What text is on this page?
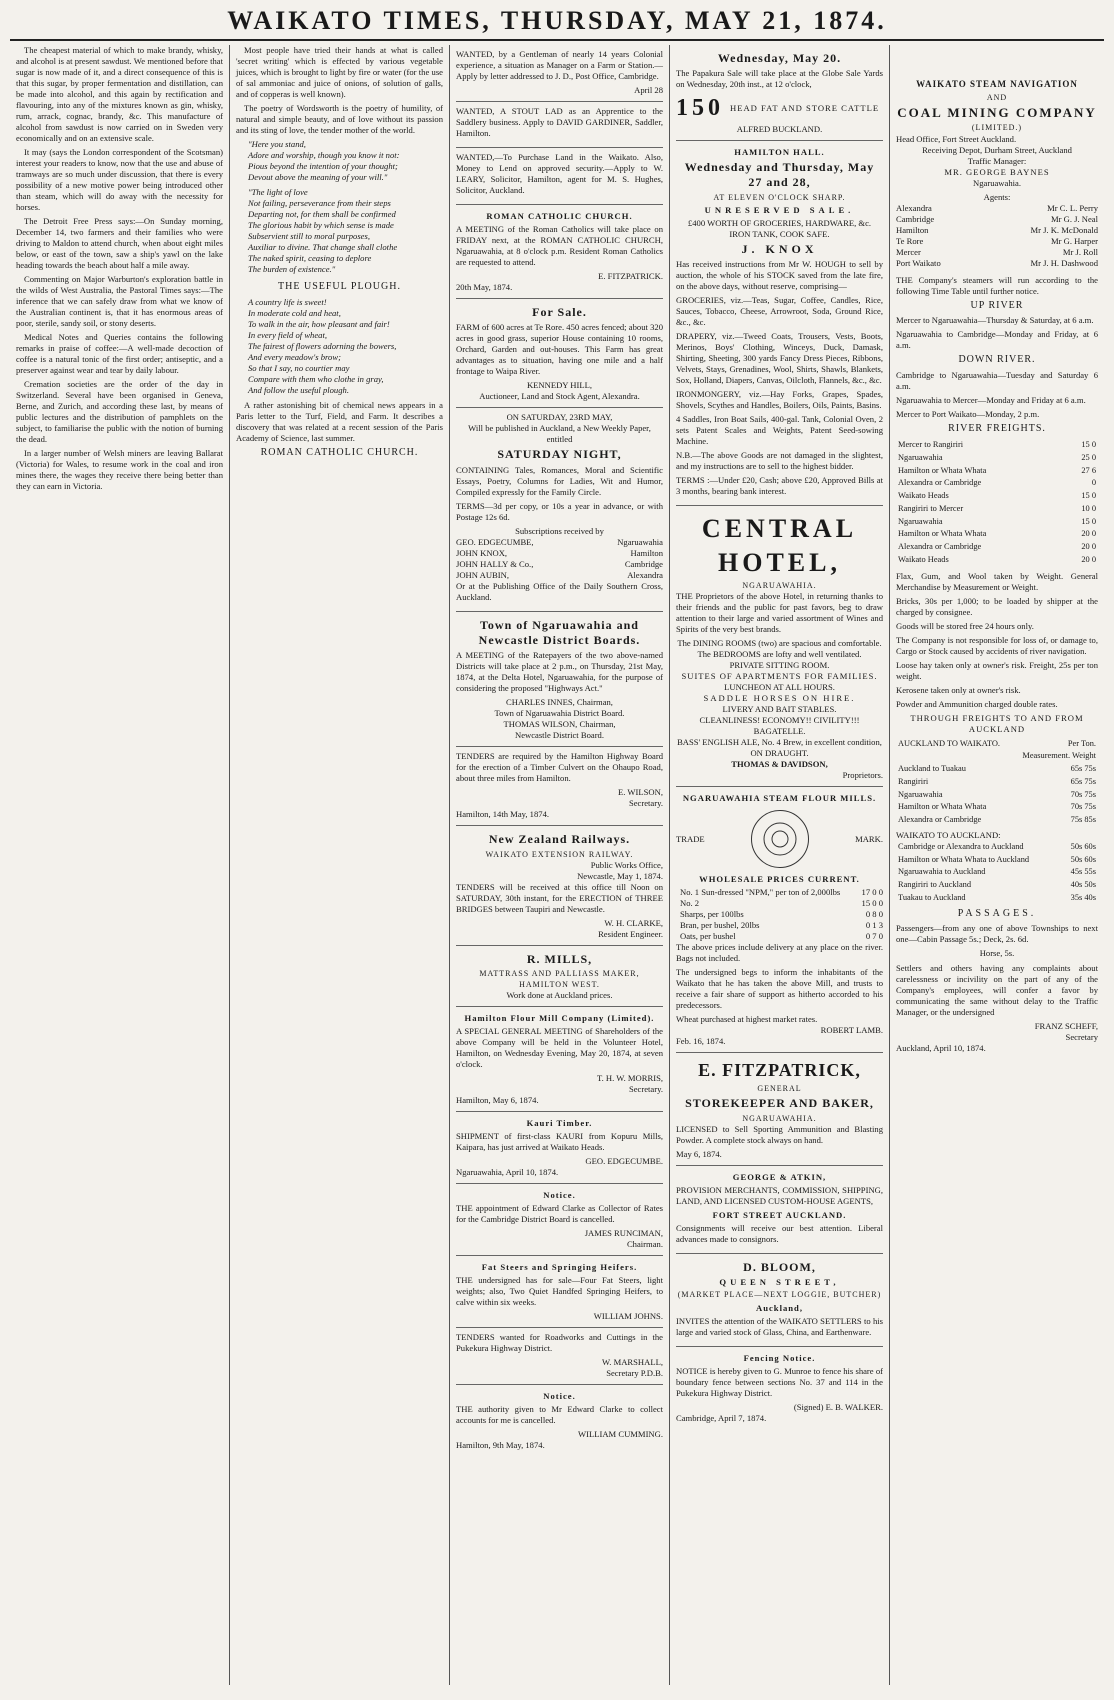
WAIKATO TIMES, THURSDAY, MAY 21, 1874.

The cheapest material of which to make brandy, whisky, and alcohol is at present sawdust. We mentioned before that sugar is now made of it, and a direct consequence of this is that this sugar, by proper fermentation and distillation, can be made into alcohol, and this again by rectification and flavouring, into any of the mixtures known as gin, whisky, rum, arrack, cognac, brandy, &c. This manufacture of alcohol from sawdust is now carried on in Sweden very economically and on an extensive scale.

It may (says the London correspondent of the Scotsman) interest your readers to know, now that the use and abuse of tramways are so much under discussion, that there is every possibility of a new motive power being introduced other than steam, which will do away with the necessity for horses.

The Detroit Free Press says:—On Sunday morning, December 14, two farmers and their families who were driving to Maldon to attend church, when about eight miles below, or east of the town, saw a ship's yawl on the lake heading towards the beach about half a mile away.

Commenting on Major Warburton's exploration battle in the wilds of West Australia, the Pastoral Times says:—The inference that we can safely draw from what we know of the Australian continent is, that it has enormous areas of poor, sterile, sandy soil, or stony deserts.

Medical Notes and Queries contains the following remarks in praise of coffee:—A well-made decoction of coffee is a natural tonic of the first order; antiseptic, and a preserver against wear and tear by daily labour.

Cremation societies are the order of the day in Switzerland. Several have been organised in Geneva, Berne, and Zurich, and according these last, by means of public lectures and the distribution of pamphlets on the subject, to familiarise the public with the notion of burning the dead.

In a larger number of Welsh miners are leaving Ballarat (Victoria) for Wales, to resume work in the coal and iron mines there, the wages they receive there being better than they can earn in Victoria.

Most people have tried their hands at what is called 'secret writing' which is effected by various vegetable juices, which is brought to light by fire or water (for the use of sal ammoniac and juice of onions, of solution of galls, and of copperas is well known).

The poetry of Wordsworth is the poetry of humility, of natural and simple beauty, and of love without its passion and its sting of love, the tender mother of the world.

"Here you stand,
Adore and worship, though you know it not:
Pious beyond the intention of your thought;
Devout above the meaning of your will."
"The light of love
Not failing, perseverance from their steps
Departing not, for them shall be confirmed
The glorious habit by which sense is made
Subservient still to moral purposes,
Auxiliar to divine. That change shall clothe
The naked spirit, ceasing to deplore
The burden of existence."
THE USEFUL PLOUGH.
A country life is sweet!
In moderate cold and heat,
To walk in the air, how pleasant and fair!
In every field of wheat,
The fairest of flowers adorning the bowers,
And every meadow's brow;
So that I say, no courtier may
Compare with them who clothe in gray,
And follow the useful plough.

A rather astonishing bit of chemical news appears in a Paris letter to the Turf, Field, and Farm. It describes a discovery that was related at a recent session of the Paris Academy of Science, last summer.

ROMAN CATHOLIC CHURCH.

WANTED, by a Gentleman of nearly 14 years Colonial experience, a situation as Manager on a Farm or Station.—Apply by letter addressed to J. D., Post Office, Cambridge.

April 28

WANTED, A STOUT LAD as an Apprentice to the Saddlery business. Apply to DAVID GARDINER, Saddler, Hamilton.

WANTED,—To Purchase Land in the Waikato. Also, Money to Lend on approved security.—Apply to W. LEARY, Solicitor, Hamilton, agent for M. S. Hughes, Solicitor, Auckland.

ROMAN CATHOLIC CHURCH.

A MEETING of the Roman Catholics will take place on FRIDAY next, at the ROMAN CATHOLIC CHURCH, Ngaruawahia, at 8 o'clock p.m. Resident Roman Catholics are requested to attend.

E. FITZPATRICK.
20th May, 1874.
For Sale.

FARM of 600 acres at Te Rore. 450 acres fenced; about 320 acres in good grass, superior House containing 10 rooms, Orchard, Garden and out-houses. This Farm has great advantages as to situation, having one mile and a half frontage to Waipa River.

KENNEDY HILL,
Auctioneer, Land and Stock Agent, Alexandra.
ON SATURDAY, 23RD MAY,
Will be published in Auckland, a New Weekly Paper, entitled
SATURDAY NIGHT,

CONTAINING Tales, Romances, Moral and Scientific Essays, Poetry, Columns for Ladies, Wit and Humor, Compiled expressly for the Family Circle.

TERMS—3d per copy, or 10s a year in advance, or with Postage 12s 6d.

Subscriptions received by
GEO. EDGECUMBE,	Ngaruawahia
JOHN KNOX,	Hamilton
JOHN HALLY & Co.,	Cambridge
JOHN AUBIN,	Alexandra

Or at the Publishing Office of the Daily Southern Cross, Auckland.

Town of Ngaruawahia and Newcastle District Boards.

A MEETING of the Ratepayers of the two above-named Districts will take place at 2 p.m., on Thursday, 21st May, 1874, at the Delta Hotel, Ngaruawahia, for the purpose of considering the proposed "Highways Act."

CHARLES INNES, Chairman,
Town of Ngaruawahia District Board.
THOMAS WILSON, Chairman,
Newcastle District Board.

TENDERS are required by the Hamilton Highway Board for the erection of a Timber Culvert on the Ohaupo Road, about three miles from Hamilton.

E. WILSON,
Secretary.
Hamilton, 14th May, 1874.
New Zealand Railways.
WAIKATO EXTENSION RAILWAY.
Public Works Office,
Newcastle, May 1, 1874.

TENDERS will be received at this office till Noon on SATURDAY, 30th instant, for the ERECTION of THREE BRIDGES between Taupiri and Newcastle.

W. H. CLARKE,
Resident Engineer.
R. MILLS,
MATTRASS AND PALLIASS MAKER,
HAMILTON WEST.
Work done at Auckland prices.
Hamilton Flour Mill Company (Limited).

A SPECIAL GENERAL MEETING of Shareholders of the above Company will be held in the Volunteer Hotel, Hamilton, on Wednesday Evening, May 20, 1874, at seven o'clock.

T. H. W. MORRIS,
Secretary.
Hamilton, May 6, 1874.
Kauri Timber.

SHIPMENT of first-class KAURI from Kopuru Mills, Kaipara, has just arrived at Waikato Heads.

GEO. EDGECUMBE.
Ngaruawahia, April 10, 1874.
Notice.

THE appointment of Edward Clarke as Collector of Rates for the Cambridge District Board is cancelled.

JAMES RUNCIMAN,
Chairman.
Fat Steers and Springing Heifers.

THE undersigned has for sale—Four Fat Steers, light weights; also, Two Quiet Handfed Springing Heifers, to calve within six weeks.

WILLIAM JOHNS.

TENDERS wanted for Roadworks and Cuttings in the Pukekura Highway District.

W. MARSHALL,
Secretary P.D.B.
Notice.

THE authority given to Mr Edward Clarke to collect accounts for me is cancelled.

WILLIAM CUMMING.
Hamilton, 9th May, 1874.
Wednesday, May 20.

The Papakura Sale will take place at the Globe Sale Yards on Wednesday, 20th inst., at 12 o'clock,

150 HEAD FAT AND STORE CATTLE
ALFRED BUCKLAND.
HAMILTON HALL.
Wednesday and Thursday, May 27 and 28,
AT ELEVEN O'CLOCK SHARP.
UNRESERVED SALE.
£400 WORTH OF GROCERIES, HARDWARE, &c.
IRON TANK, COOK SAFE.
J. KNOX

Has received instructions from Mr W. HOUGH to sell by auction, the whole of his STOCK saved from the late fire, on the above days, without reserve, comprising—

GROCERIES, viz.—Teas, Sugar, Coffee, Candles, Rice, Sauces, Tobacco, Cheese, Arrowroot, Soda, Ground Rice, &c., &c.

DRAPERY, viz.—Tweed Coats, Trousers, Vests, Boots, Merinos, Boys' Clothing, Winceys, Duck, Damask, Shirting, Sheeting, 300 yards Fancy Dress Pieces, Ribbons, Velvets, Stays, Grenadines, Wool, Shirts, Shawls, Blankets, Sox, Holland, Diapers, Canvas, Oilcloth, Flannels, &c., &c.

IRONMONGERY, viz.—Hay Forks, Grapes, Spades, Shovels, Scythes and Handles, Boilers, Oils, Paints, Basins.

4 Saddles, Iron Boat Sails, 400-gal. Tank, Colonial Oven, 2 sets Patent Scales and Weights, Patent Seed-sowing Machine.

N.B.—The above Goods are not damaged in the slightest, and my instructions are to sell to the highest bidder.

TERMS :—Under £20, Cash; above £20, Approved Bills at 3 months, bearing bank interest.

CENTRAL HOTEL,
NGARUAWAHIA.

THE Proprietors of the above Hotel, in returning thanks to their friends and the public for past favors, beg to draw attention to their large and varied assortment of Wines and Spirits of the very best brands.

The DINING ROOMS (two) are spacious and comfortable.
The BEDROOMS are lofty and well ventilated.
PRIVATE SITTING ROOM.
SUITES OF APARTMENTS FOR FAMILIES.
LUNCHEON AT ALL HOURS.
SADDLE HORSES ON HIRE.
LIVERY AND BAIT STABLES.
CLEANLINESS! ECONOMY!! CIVILITY!!!
BAGATELLE.
BASS' ENGLISH ALE, No. 4 Brew, in excellent condition, ON DRAUGHT.
THOMAS & DAVIDSON,
Proprietors.
NGARUAWAHIA STEAM FLOUR MILLS.
TRADE	MARK.
WHOLESALE PRICES CURRENT.
No. 1 Sun-dressed "NPM," per ton of 2,000lbs	17 0 0
No. 2	15 0 0
Sharps, per 100lbs	0 8 0
Bran, per bushel, 20lbs	0 1 3
Oats, per bushel	0 7 0

The above prices include delivery at any place on the river. Bags not included.

The undersigned begs to inform the inhabitants of the Waikato that he has taken the above Mill, and trusts to receive a fair share of support as hitherto accorded to his predecessors.

Wheat purchased at highest market rates.
ROBERT LAMB.
Feb. 16, 1874.
E. FITZPATRICK,
GENERAL
STOREKEEPER AND BAKER,
NGARUAWAHIA.

LICENSED to Sell Sporting Ammunition and Blasting Powder. A complete stock always on hand.

May 6, 1874.
GEORGE & ATKIN,

PROVISION MERCHANTS, COMMISSION, SHIPPING, LAND, AND LICENSED CUSTOM-HOUSE AGENTS,

FORT STREET AUCKLAND.

Consignments will receive our best attention. Liberal advances made to consignors.

D. BLOOM,
QUEEN STREET,
(MARKET PLACE—NEXT LOGGIE, BUTCHER)
Auckland,

INVITES the attention of the WAIKATO SETTLERS to his large and varied stock of Glass, China, and Earthenware.

Fencing Notice.

NOTICE is hereby given to G. Munroe to fence his share of boundary fence between sections No. 37 and 114 in the Pukekura Highway District.

(Signed) E. B. WALKER.
Cambridge, April 7, 1874.
WAIKATO STEAM NAVIGATION
AND
COAL MINING COMPANY
(LIMITED.)
Head Office, Fort Street Auckland.
Receiving Depot, Durham Street, Auckland
Traffic Manager:
MR. GEORGE BAYNES
Ngaruawahia.
Agents:
Alexandra	Mr C. L. Perry
Cambridge	Mr G. J. Neal
Hamilton	Mr J. K. McDonald
Te Rore	Mr G. Harper
Mercer	Mr J. Roll
Port Waikato	Mr J. H. Dashwood

THE Company's steamers will run according to the following Time Table until further notice.

UP RIVER

Mercer to Ngaruawahia—Thursday & Saturday, at 6 a.m.

Ngaruawahia to Cambridge—Monday and Friday, at 6 a.m.

DOWN RIVER.

Cambridge to Ngaruawahia—Tuesday and Saturday 6 a.m.

Ngaruawahia to Mercer—Monday and Friday at 6 a.m.

Mercer to Port Waikato—Monday, 2 p.m.

RIVER FREIGHTS.
Mercer to Rangiriri	15 0
Ngaruawahia	25 0
Hamilton or Whata Whata	27 6
Alexandra or Cambridge	0
Waikato Heads	15 0
Rangiriri to Mercer	10 0
Ngaruawahia	15 0
Hamilton or Whata Whata	20 0
Alexandra or Cambridge	20 0
Waikato Heads	20 0

Flax, Gum, and Wool taken by Weight. General Merchandise by Measurement or Weight.

Bricks, 30s per 1,000; to be loaded by shipper at the charged by consignee.

Goods will be stored free 24 hours only.

The Company is not responsible for loss of, or damage to, Cargo or Stock caused by accidents of river navigation.

Loose hay taken only at owner's risk. Freight, 25s per ton weight.

Kerosene taken only at owner's risk.

Powder and Ammunition charged double rates.

THROUGH FREIGHTS TO AND FROM AUCKLAND
AUCKLAND TO WAIKATO.	Per Ton.
	Measurement. Weight
Auckland to Tuakau	65s 75s
Rangiriri	65s 75s
Ngaruawahia	70s 75s
Hamilton or Whata Whata	70s 75s
Alexandra or Cambridge	75s 85s
WAIKATO TO AUCKLAND:
Cambridge or Alexandra to Auckland	50s 60s
Hamilton or Whata Whata to Auckland	50s 60s
Ngaruawahia to Auckland	45s 55s
Rangiriri to Auckland	40s 50s
Tuakau to Auckland	35s 40s
PASSAGES.

Passengers—from any one of above Townships to next one—Cabin Passage 5s.; Deck, 2s. 6d.

Horse, 5s.

Settlers and others having any complaints about carelessness or incivility on the part of any of the Company's employees, will confer a favor by communicating the same without delay to the Traffic Manager, or the undersigned

FRANZ SCHEFF,
Secretary
Auckland, April 10, 1874.
